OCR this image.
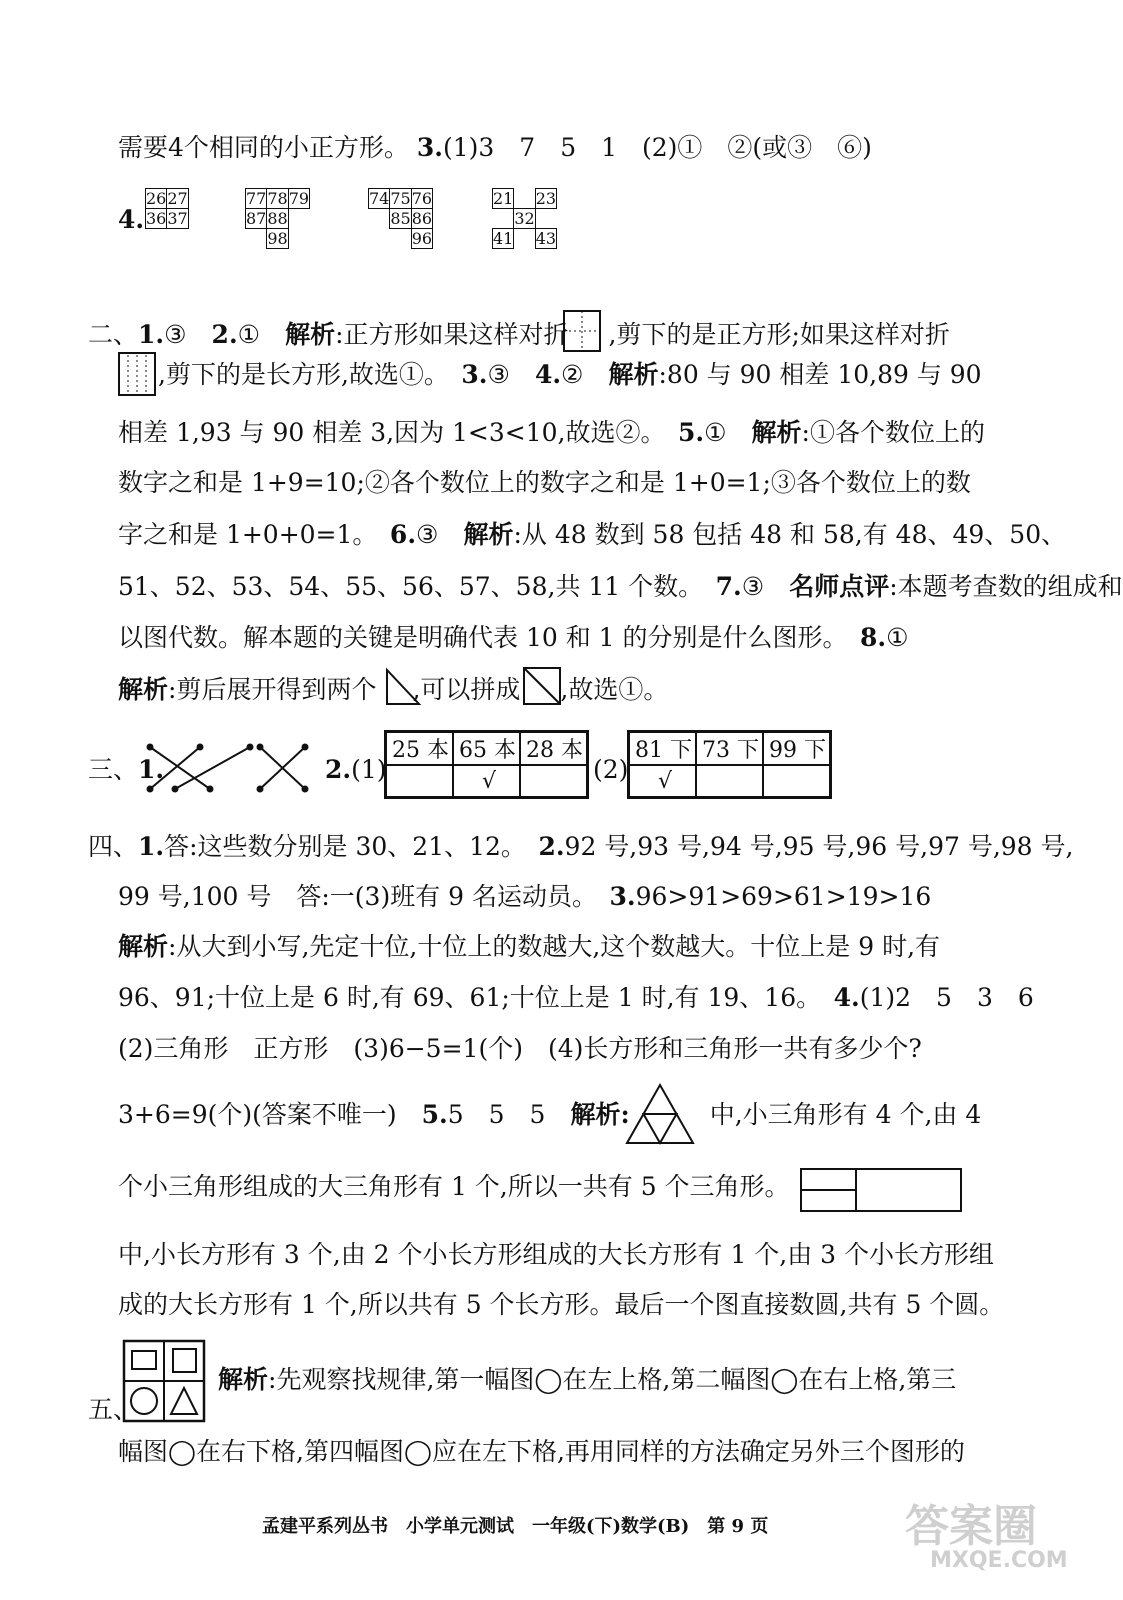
需要4个相同的小正方形。 3.(1)3　7　5　1　(2)①　②(或③　⑥)
4.
26	27
36	37
77	78	79
87	88	
	98	
74	75	76
	85	86
		96
21		23
	32	
41		43
二、1.③　2.①　解析:正方形如果这样对折 ,剪下的是正方形;如果这样对折
,剪下的是长方形,故选①。　3.③　4.②　解析:80 与 90 相差 10,89 与 90
相差 1,93 与 90 相差 3,因为 1<3<10,故选②。　5.①　解析:①各个数位上的
数字之和是 1+9=10;②各个数位上的数字之和是 1+0=1;③各个数位上的数
字之和是 1+0+0=1。　6.③　解析:从 48 数到 58 包括 48 和 58,有 48、49、50、
51、52、53、54、55、56、57、58,共 11 个数。　7.③　名师点评:本题考查数的组成和
以图代数。解本题的关键是明确代表 10 和 1 的分别是什么图形。　8.①
解析:剪后展开得到两个 ,可以拼成 ,故选①。
三、1.	2.(1)
25 本	65 本	28 本
	√		(2)
81 下	73 下	99 下
√		
四、1.答:这些数分别是 30、21、12。　2.92 号,93 号,94 号,95 号,96 号,97 号,98 号,
99 号,100 号　答:一(3)班有 9 名运动员。　3.96>91>69>61>19>16
解析:从大到小写,先定十位,十位上的数越大,这个数越大。十位上是 9 时,有
96、91;十位上是 6 时,有 69、61;十位上是 1 时,有 19、16。　4.(1)2　5　3　6
(2)三角形　正方形　(3)6−5=1(个)　(4)长方形和三角形一共有多少个?
3+6=9(个)(答案不唯一)　5.5　5　5　解析:	中,小三角形有 4 个,由 4
个小三角形组成的大三角形有 1 个,所以一共有 5 个三角形。
中,小长方形有 3 个,由 2 个小长方形组成的大长方形有 1 个,由 3 个小长方形组
成的大长方形有 1 个,所以共有 5 个长方形。最后一个图直接数圆,共有 5 个圆。
五、
解析:先观察找规律,第一幅图◯在左上格,第二幅图◯在右上格,第三
幅图◯在右下格,第四幅图◯应在左下格,再用同样的方法确定另外三个图形的
孟建平系列丛书　小学单元测试　一年级(下)数学(B)　第 9 页	答案圈
MXQE.COM
